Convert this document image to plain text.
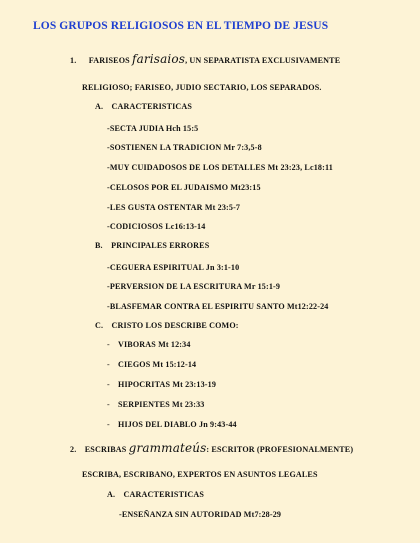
LOS GRUPOS RELIGIOSOS EN EL TIEMPO DE JESUS
1. FARISEOS farisaios, UN SEPARATISTA EXCLUSIVAMENTE
RELIGIOSO; FARISEO, JUDIO SECTARIO, LOS SEPARADOS.
A. CARACTERISTICAS
-SECTA JUDIA Hch 15:5
-SOSTIENEN LA TRADICION Mr 7:3,5-8
-MUY CUIDADOSOS DE LOS DETALLES Mt 23:23, Lc18:11
-CELOSOS POR EL JUDAISMO Mt23:15
-LES GUSTA OSTENTAR Mt 23:5-7
-CODICIOSOS Lc16:13-14
B. PRINCIPALES ERRORES
-CEGUERA ESPIRITUAL Jn 3:1-10
-PERVERSION DE LA ESCRITURA Mr 15:1-9
-BLASFEMAR CONTRA EL ESPIRITU SANTO Mt12:22-24
C. CRISTO LOS DESCRIBE COMO:
- VIBORAS Mt 12:34
- CIEGOS Mt 15:12-14
- HIPOCRITAS Mt 23:13-19
- SERPIENTES Mt 23:33
- HIJOS DEL DIABLO Jn 9:43-44
2. ESCRIBAS grammateús: ESCRITOR (PROFESIONALMENTE)
ESCRIBA, ESCRIBANO, EXPERTOS EN ASUNTOS LEGALES
A. CARACTERISTICAS
-ENSEÑANZA SIN AUTORIDAD Mt7:28-29
